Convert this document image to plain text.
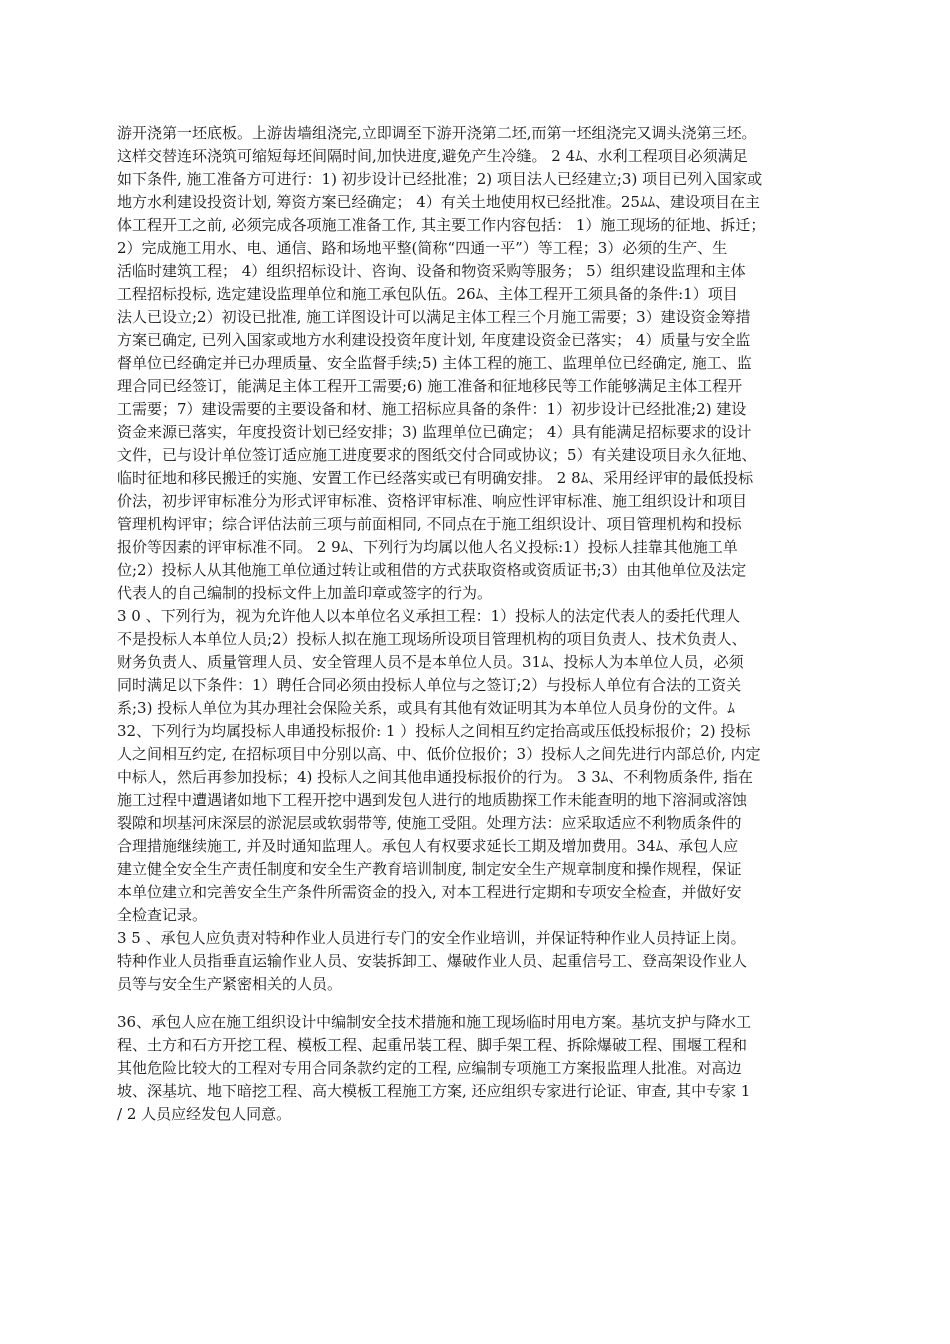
游开浇第一坯底板。上游齿墙组浇完,立即调至下游开浇第二坯,而第一坯组浇完又调头浇第三坯。
这样交替连环浇筑可缩短每坯间隔时间,加快进度,避免产生冷缝。 2 4ﾑ、水利工程项目必须满足
如下条件, 施工准备方可进行：1) 初步设计已经批准；2) 项目法人已经建立;3) 项目已列入国家或
地方水利建设投资计划, 筹资方案已经确定； 4）有关土地使用权已经批准。25ﾑﾑ、建设项目在主
体工程开工之前, 必须完成各项施工准备工作, 其主要工作内容包括： 1）施工现场的征地、拆迁；
2）完成施工用水、电、通信、路和场地平整(简称“四通一平”）等工程；3）必须的生产、生
活临时建筑工程； 4）组织招标设计、咨询、设备和物资采购等服务； 5）组织建设监理和主体
工程招标投标, 选定建设监理单位和施工承包队伍。26ﾑ、主体工程开工须具备的条件:1）项目
法人已设立;2）初设已批准, 施工详图设计可以满足主体工程三个月施工需要；3）建设资金筹措
方案已确定, 已列入国家或地方水利建设投资年度计划, 年度建设资金已落实； 4）质量与安全监
督单位已经确定并已办理质量、安全监督手续;5) 主体工程的施工、监理单位已经确定, 施工、监
理合同已经签订，能满足主体工程开工需要;6) 施工准备和征地移民等工作能够满足主体工程开
工需要；7）建设需要的主要设备和材、施工招标应具备的条件：1）初步设计已经批准;2) 建设
资金来源已落实，年度投资计划已经安排；3) 监理单位已确定； 4）具有能满足招标要求的设计
文件，已与设计单位签订适应施工进度要求的图纸交付合同或协议；5）有关建设项目永久征地、
临时征地和移民搬迁的实施、安置工作已经落实或已有明确安排。 2 8ﾑ、采用经评审的最低投标
价法，初步评审标准分为形式评审标准、资格评审标准、响应性评审标准、施工组织设计和项目
管理机构评审；综合评估法前三项与前面相同, 不同点在于施工组织设计、项目管理机构和投标
报价等因素的评审标准不同。 2 9ﾑ、下列行为均属以他人名义投标:1）投标人挂靠其他施工单
位;2）投标人从其他施工单位通过转让或租借的方式获取资格或资质证书;3）由其他单位及法定
代表人的自己编制的投标文件上加盖印章或签字的行为。
3 0 、下列行为，视为允许他人以本单位名义承担工程：1）投标人的法定代表人的委托代理人
不是投标人本单位人员;2）投标人拟在施工现场所设项目管理机构的项目负责人、技术负责人、
财务负责人、质量管理人员、安全管理人员不是本单位人员。31ﾑ、投标人为本单位人员，必须
同时满足以下条件：1）聘任合同必须由投标人单位与之签订;2）与投标人单位有合法的工资关
系;3) 投标人单位为其办理社会保险关系，或具有其他有效证明其为本单位人员身份的文件。ﾑ
32、下列行为均属投标人串通投标报价: 1 ）投标人之间相互约定抬高或压低投标报价；2) 投标
人之间相互约定, 在招标项目中分别以高、中、低价位报价；3）投标人之间先进行内部总价, 内定
中标人，然后再参加投标；4) 投标人之间其他串通投标报价的行为。 3 3ﾑ、不利物质条件, 指在
施工过程中遭遇诸如地下工程开挖中遇到发包人进行的地质勘探工作未能查明的地下溶洞或溶蚀
裂隙和坝基河床深层的淤泥层或软弱带等, 使施工受阻。处理方法：应采取适应不利物质条件的
合理措施继续施工, 并及时通知监理人。承包人有权要求延长工期及增加费用。34ﾑ、承包人应
建立健全安全生产责任制度和安全生产教育培训制度, 制定安全生产规章制度和操作规程，保证
本单位建立和完善安全生产条件所需资金的投入, 对本工程进行定期和专项安全检查，并做好安
全检查记录。
3 5 、承包人应负责对特种作业人员进行专门的安全作业培训，并保证特种作业人员持证上岗。
特种作业人员指垂直运输作业人员、安装拆卸工、爆破作业人员、起重信号工、登高架设作业人
员等与安全生产紧密相关的人员。
36、承包人应在施工组织设计中编制安全技术措施和施工现场临时用电方案。基坑支护与降水工
程、土方和石方开挖工程、模板工程、起重吊装工程、脚手架工程、拆除爆破工程、围堰工程和
其他危险比较大的工程对专用合同条款约定的工程, 应编制专项施工方案报监理人批准。对高边
坡、深基坑、地下暗挖工程、高大模板工程施工方案, 还应组织专家进行论证、审查, 其中专家 1
/ 2 人员应经发包人同意。
